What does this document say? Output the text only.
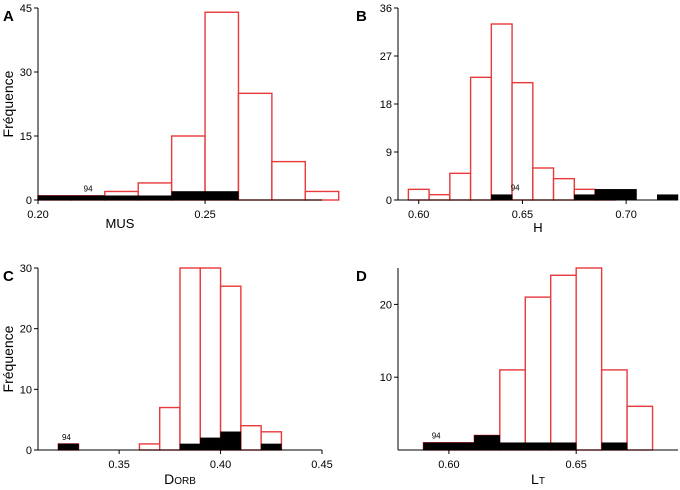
0
15
30
45
0.20	0.25
MUS
Fréquence
A
94
0
9
18
27
36
0.60	0.65	0.70
H
B
94
0
10
20
30
0.35	0.40	0.45
DORB
Fréquence
C
94
10
20
0.60	0.65
LT
D
94
